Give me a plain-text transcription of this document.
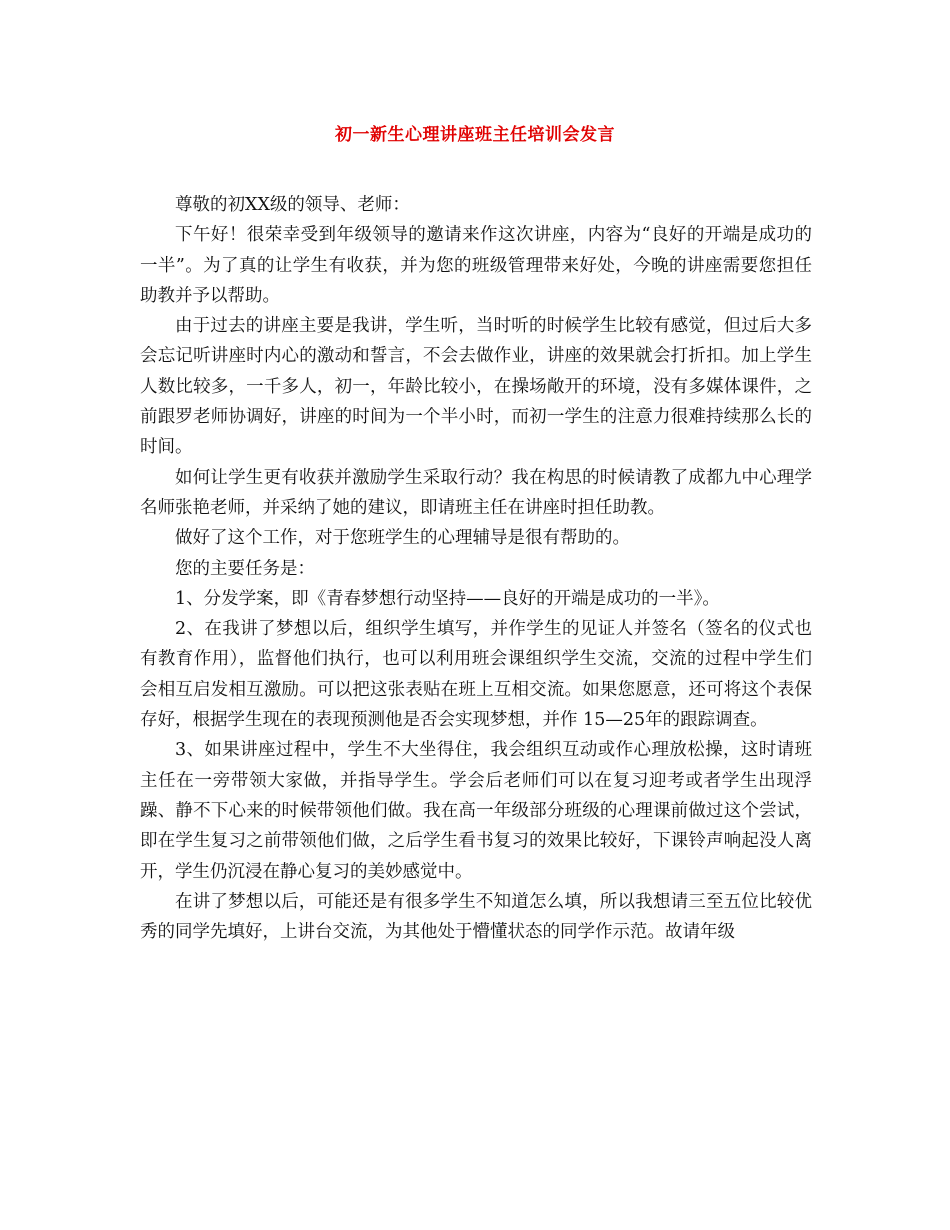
初一新生心理讲座班主任培训会发言

尊敬的初XX级的领导、老师：

下午好！很荣幸受到年级领导的邀请来作这次讲座，内容为“良好的开端是成功的一半”。为了真的让学生有收获，并为您的班级管理带来好处，今晚的讲座需要您担任助教并予以帮助。

由于过去的讲座主要是我讲，学生听，当时听的时候学生比较有感觉，但过后大多会忘记听讲座时内心的激动和誓言，不会去做作业，讲座的效果就会打折扣。加上学生人数比较多，一千多人，初一，年龄比较小，在操场敞开的环境，没有多媒体课件，之前跟罗老师协调好，讲座的时间为一个半小时，而初一学生的注意力很难持续那么长的时间。

如何让学生更有收获并激励学生采取行动？我在构思的时候请教了成都九中心理学名师张艳老师，并采纳了她的建议，即请班主任在讲座时担任助教。

做好了这个工作，对于您班学生的心理辅导是很有帮助的。

您的主要任务是：

1、分发学案，即《青春梦想行动坚持——良好的开端是成功的一半》。

2、在我讲了梦想以后，组织学生填写，并作学生的见证人并签名（签名的仪式也有教育作用），监督他们执行，也可以利用班会课组织学生交流，交流的过程中学生们会相互启发相互激励。可以把这张表贴在班上互相交流。如果您愿意，还可将这个表保存好，根据学生现在的表现预测他是否会实现梦想，并作 15—25年的跟踪调查。

3、如果讲座过程中，学生不大坐得住，我会组织互动或作心理放松操，这时请班主任在一旁带领大家做，并指导学生。学会后老师们可以在复习迎考或者学生出现浮躁、静不下心来的时候带领他们做。我在高一年级部分班级的心理课前做过这个尝试，即在学生复习之前带领他们做，之后学生看书复习的效果比较好，下课铃声响起没人离开，学生仍沉浸在静心复习的美妙感觉中。

在讲了梦想以后，可能还是有很多学生不知道怎么填，所以我想请三至五位比较优秀的同学先填好，上讲台交流，为其他处于懵懂状态的同学作示范。故请年级
